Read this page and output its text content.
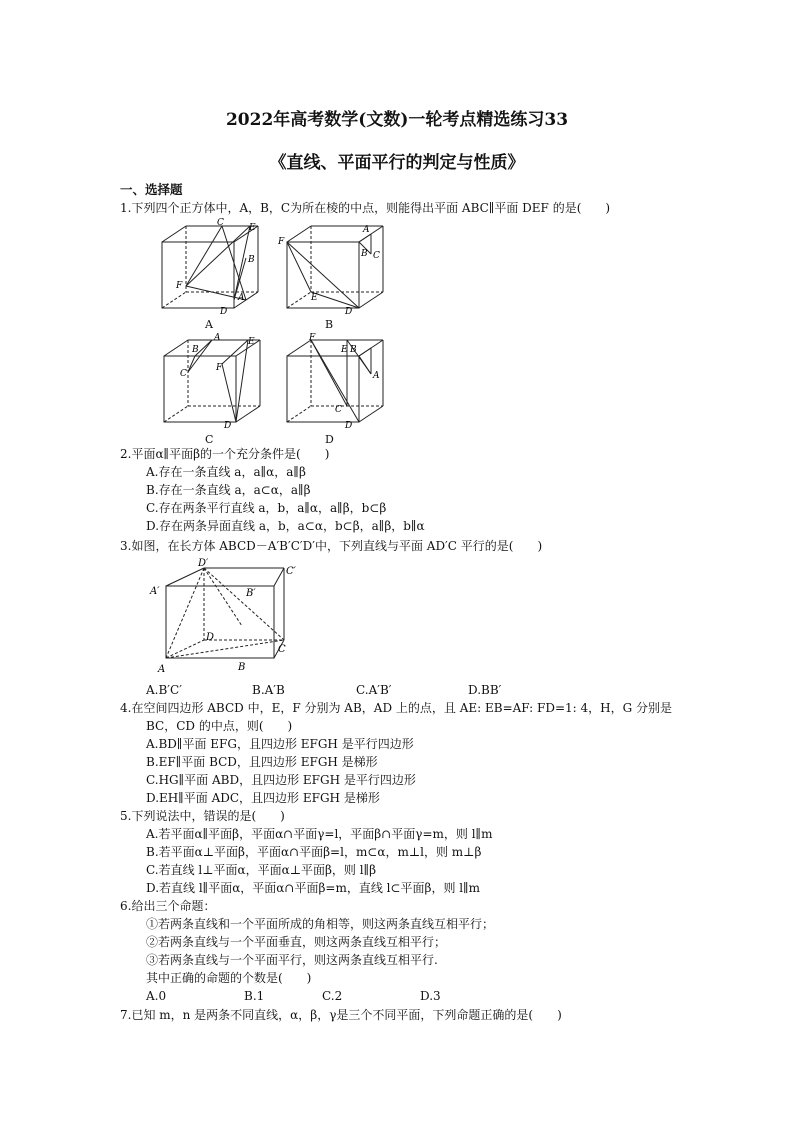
2022年高考数学(文数)一轮考点精选练习33
《直线、平面平行的判定与性质》
一、选择题
1.下列四个正方体中，A，B，C为所在棱的中点，则能得出平面 ABC∥平面 DEF 的是(　　)
C	E
B
F
A
D
A
F
A
B C
E
D
B
B
A	E
C
F
D
C
F
E B
A
C
D
D
2.平面α∥平面β的一个充分条件是(　　)
A.存在一条直线 a，a∥α，a∥β
B.存在一条直线 a，a⊂α，a∥β
C.存在两条平行直线 a，b，a∥α，a∥β，b⊂β
D.存在两条异面直线 a，b，a⊂α，b⊂β，a∥β，b∥α
3.如图，在长方体 ABCD－A′B′C′D′中，下列直线与平面 AD′C 平行的是(　　)
D′
C′
A′	B′
D
C
A	B
A.B′C′	B.A′B	C.A′B′	D.BB′
4.在空间四边形 ABCD 中，E，F 分别为 AB，AD 上的点，且 AE: EB=AF: FD=1: 4，H，G 分别是
BC，CD 的中点，则(　　)
A.BD∥平面 EFG，且四边形 EFGH 是平行四边形
B.EF∥平面 BCD，且四边形 EFGH 是梯形
C.HG∥平面 ABD，且四边形 EFGH 是平行四边形
D.EH∥平面 ADC，且四边形 EFGH 是梯形
5.下列说法中，错误的是(　　)
A.若平面α∥平面β，平面α∩平面γ=l，平面β∩平面γ=m，则 l∥m
B.若平面α⊥平面β，平面α∩平面β=l，m⊂α，m⊥l，则 m⊥β
C.若直线 l⊥平面α，平面α⊥平面β，则 l∥β
D.若直线 l∥平面α，平面α∩平面β=m，直线 l⊂平面β，则 l∥m
6.给出三个命题：
①若两条直线和一个平面所成的角相等，则这两条直线互相平行；
②若两条直线与一个平面垂直，则这两条直线互相平行；
③若两条直线与一个平面平行，则这两条直线互相平行.
其中正确的命题的个数是(　　)
A.0	B.1	C.2	D.3
7.已知 m，n 是两条不同直线，α，β，γ是三个不同平面，下列命题正确的是(　　)
